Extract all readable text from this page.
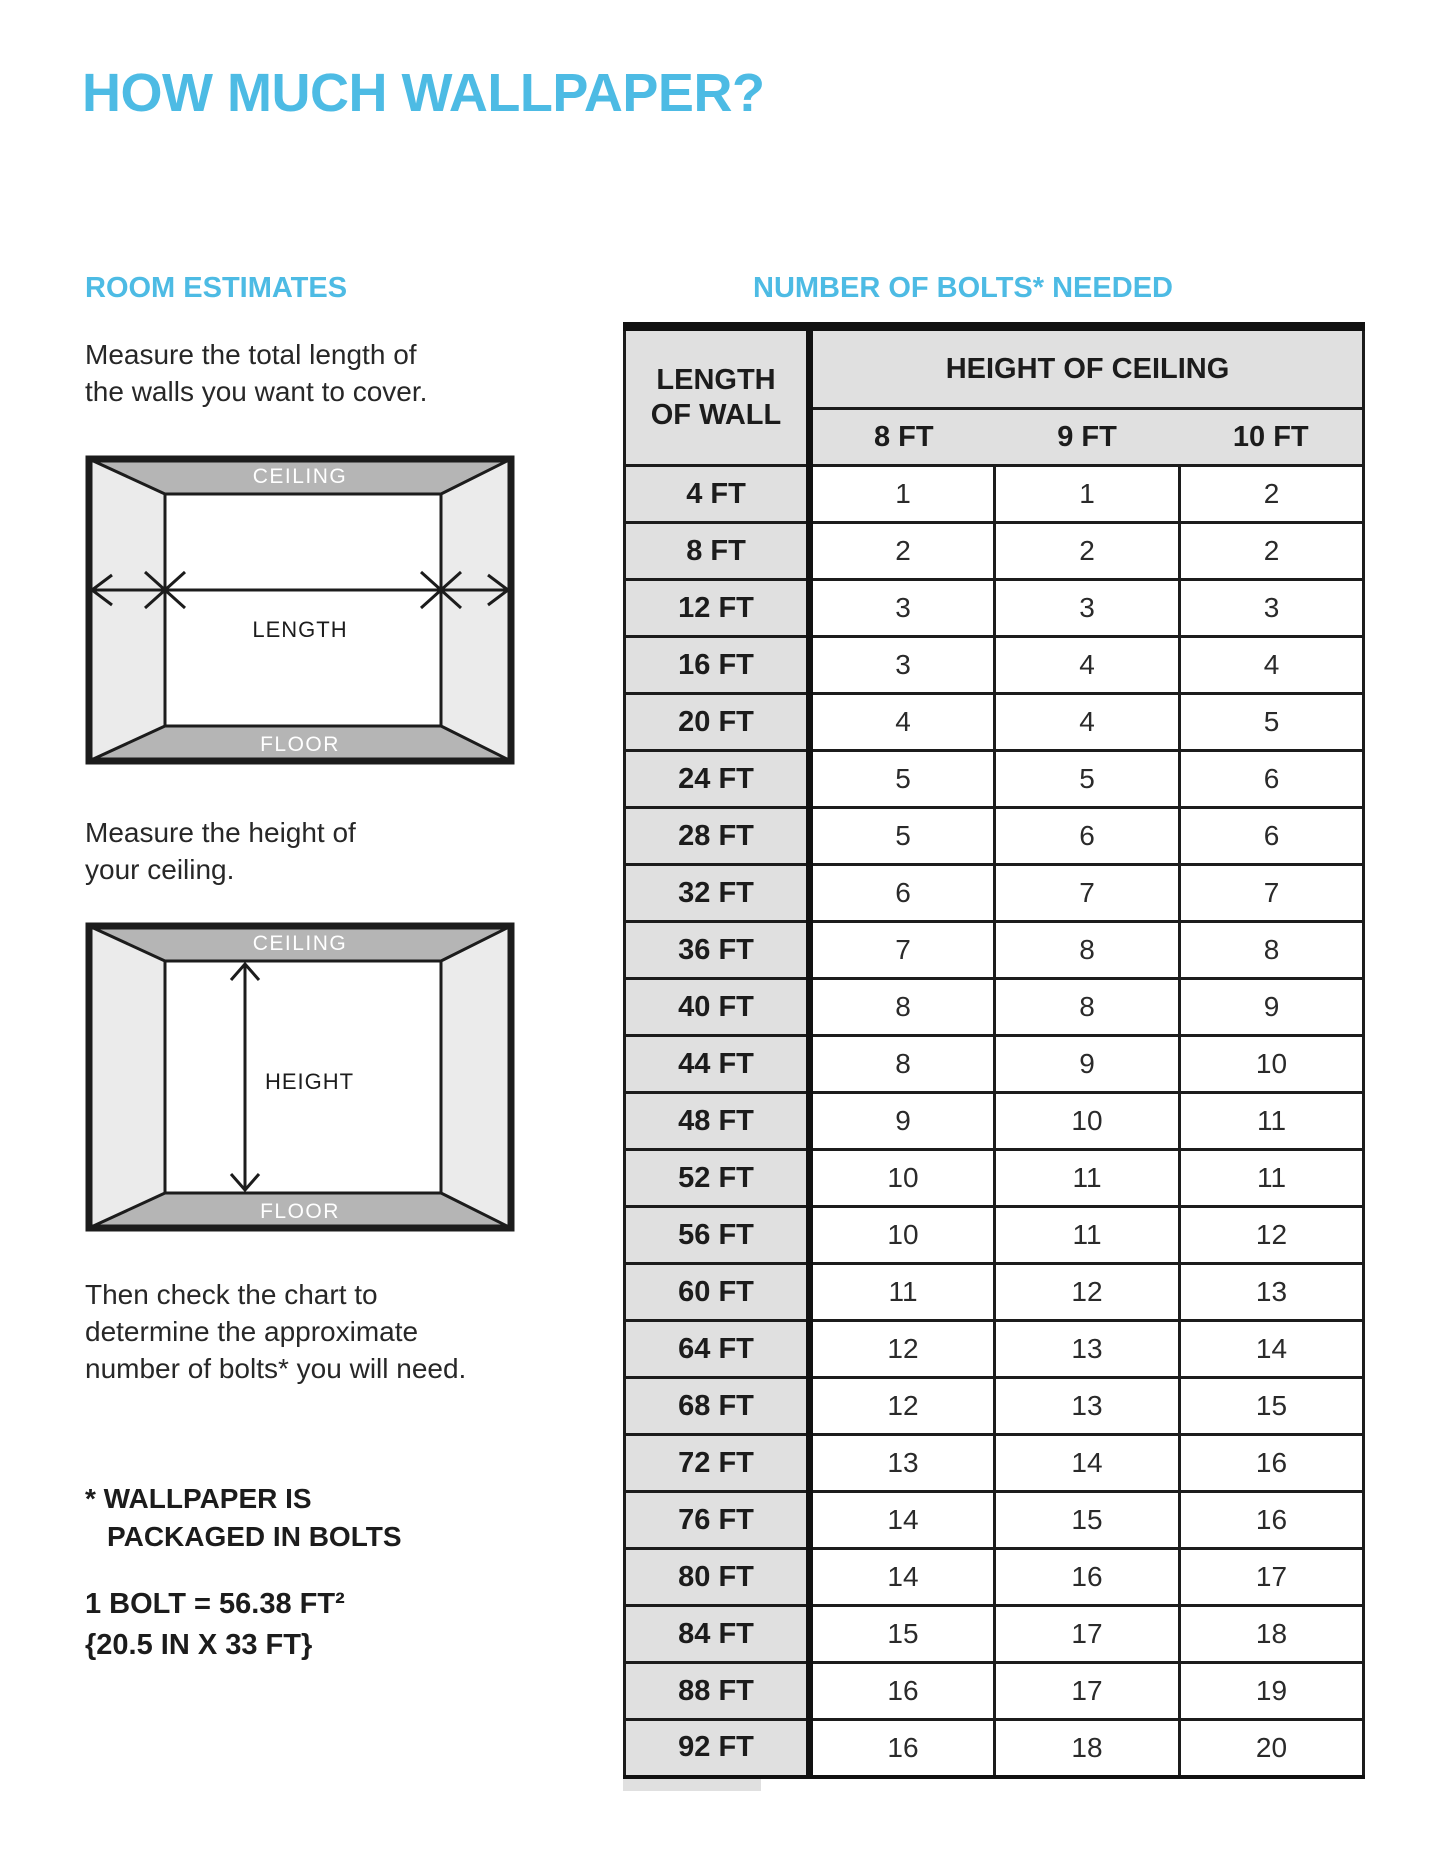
HOW MUCH WALLPAPER?
ROOM ESTIMATES	NUMBER OF BOLTS* NEEDED
Measure the total length of
the walls you want to cover.
CEILING
FLOOR
LENGTH
Measure the height of
your ceiling.
CEILING
FLOOR
HEIGHT
Then check the chart to
determine the approximate
number of bolts* you will need.
* WALLPAPER IS
PACKAGED IN BOLTS
1 BOLT = 56.38 FT²
{20.5 IN X 33 FT}
LENGTH
OF WALL	HEIGHT OF CEILING		
	8 FT	9 FT	10 FT
4 FT	1	1	2
8 FT	2	2	2
12 FT	3	3	3
16 FT	3	4	4
20 FT	4	4	5
24 FT	5	5	6
28 FT	5	6	6
32 FT	6	7	7
36 FT	7	8	8
40 FT	8	8	9
44 FT	8	9	10
48 FT	9	10	11
52 FT	10	11	11
56 FT	10	11	12
60 FT	11	12	13
64 FT	12	13	14
68 FT	12	13	15
72 FT	13	14	16
76 FT	14	15	16
80 FT	14	16	17
84 FT	15	17	18
88 FT	16	17	19
92 FT	16	18	20
